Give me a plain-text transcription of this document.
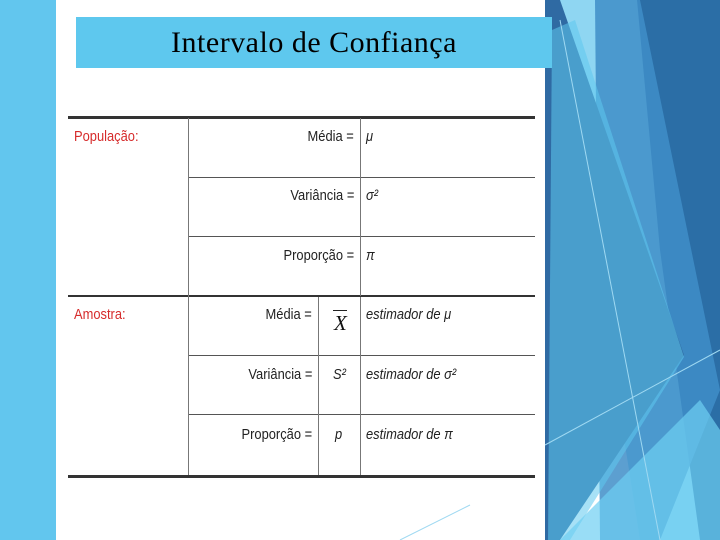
Intervalo de Confiança
População:	Média = μ
Variância = σ²
Proporção = π
Amostra:	Média = X estimador de μ
Variância = S² estimador de σ²
Proporção = p estimador de π
